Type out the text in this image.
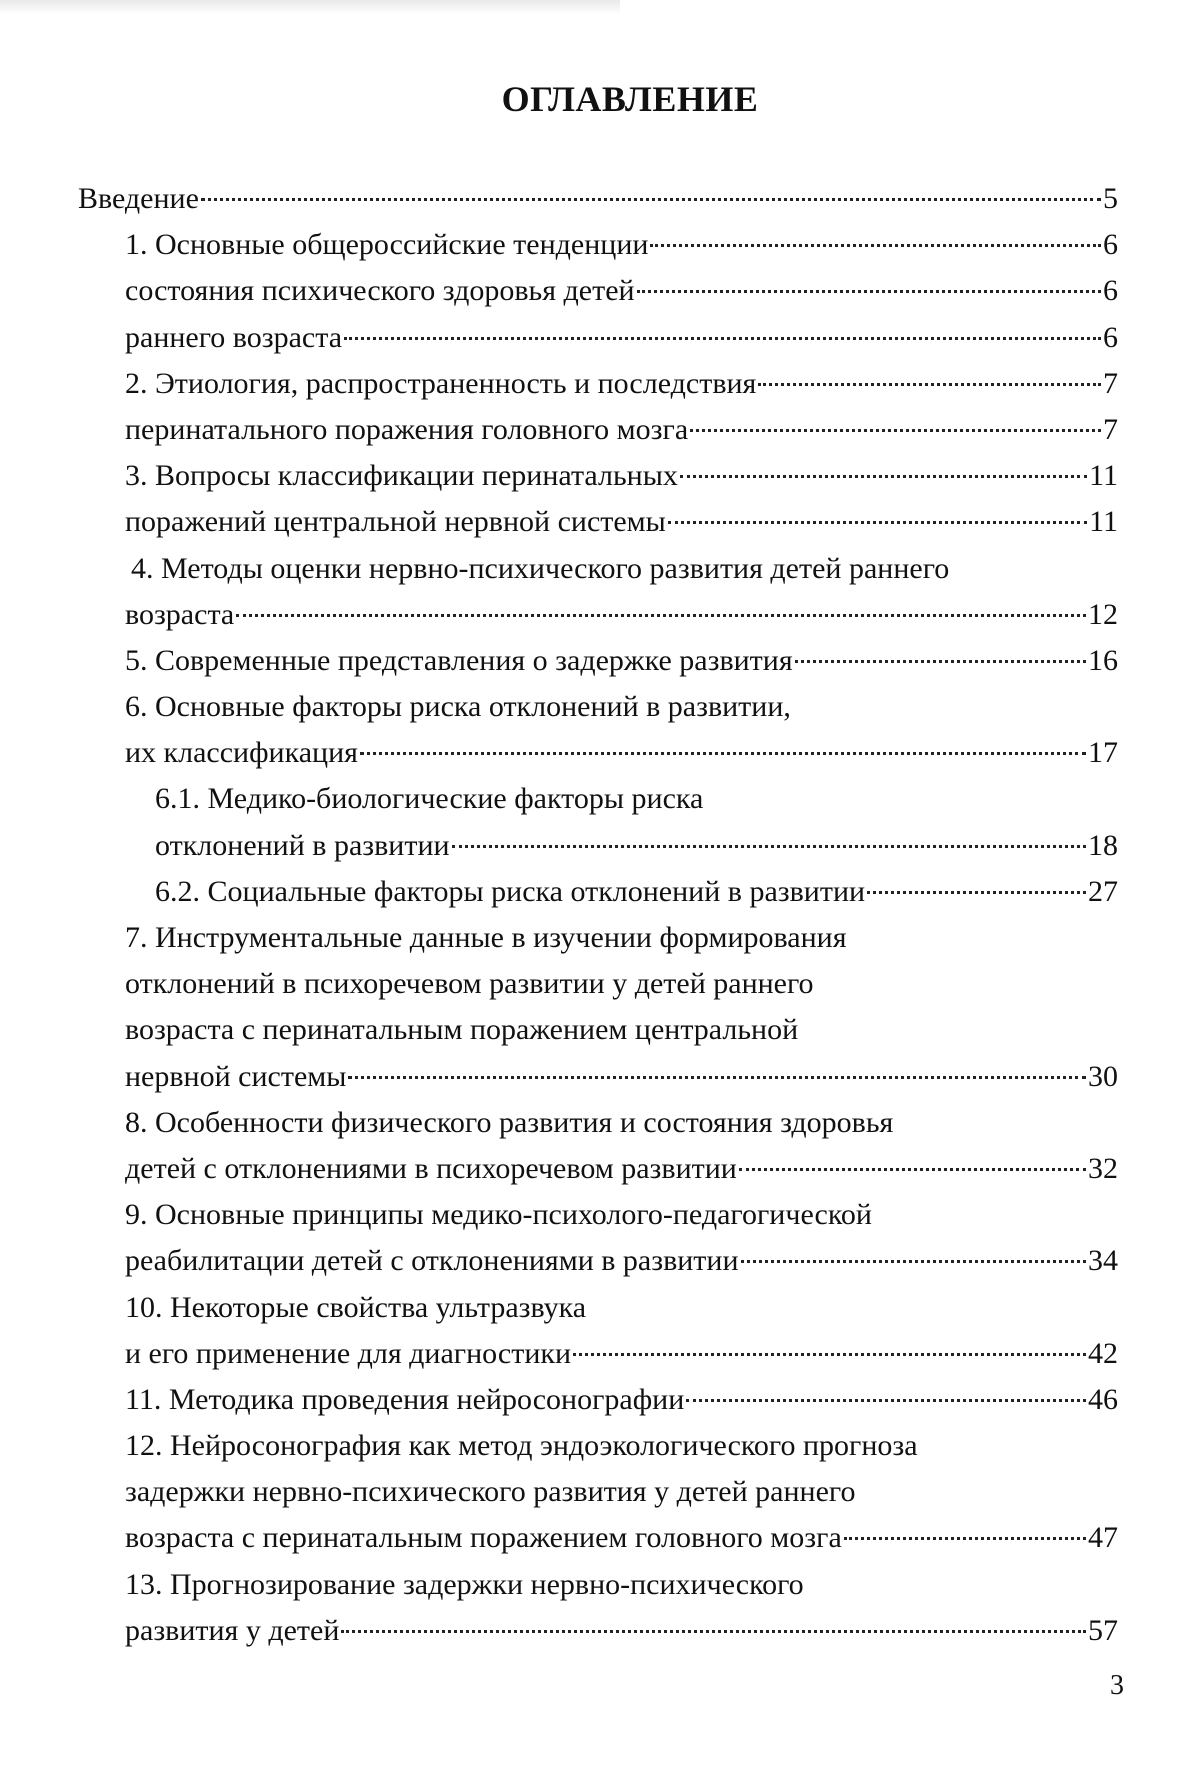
ОГЛАВЛЕНИЕ
Введение	5
1. Основные общероссийские тенденции	6
состояния психического здоровья детей	6
раннего возраста	6
2. Этиология, распространенность и последствия	7
перинатального поражения головного мозга	7
3. Вопросы классификации перинатальных	11
поражений центральной нервной системы	11
4. Методы оценки нервно-психического развития детей раннего
возраста	12
5. Современные представления о задержке развития	16
6. Основные факторы риска отклонений в развитии,
их классификация	17
6.1. Медико-биологические факторы риска
отклонений в развитии	18
6.2. Социальные факторы риска отклонений в развитии	27
7. Инструментальные данные в изучении формирования
отклонений в психоречевом развитии у детей раннего
возраста с перинатальным поражением центральной
нервной системы	30
8. Особенности физического развития и состояния здоровья
детей с отклонениями в психоречевом развитии	32
9. Основные принципы медико-психолого-педагогической
реабилитации детей с отклонениями в развитии	34
10. Некоторые свойства ультразвука
и его применение для диагностики	42
11. Методика проведения нейросонографии	46
12. Нейросонография как метод эндоэкологического прогноза
задержки нервно-психического развития у детей раннего
возраста с перинатальным поражением головного мозга	47
13. Прогнозирование задержки нервно-психического
развития у детей	57
3
